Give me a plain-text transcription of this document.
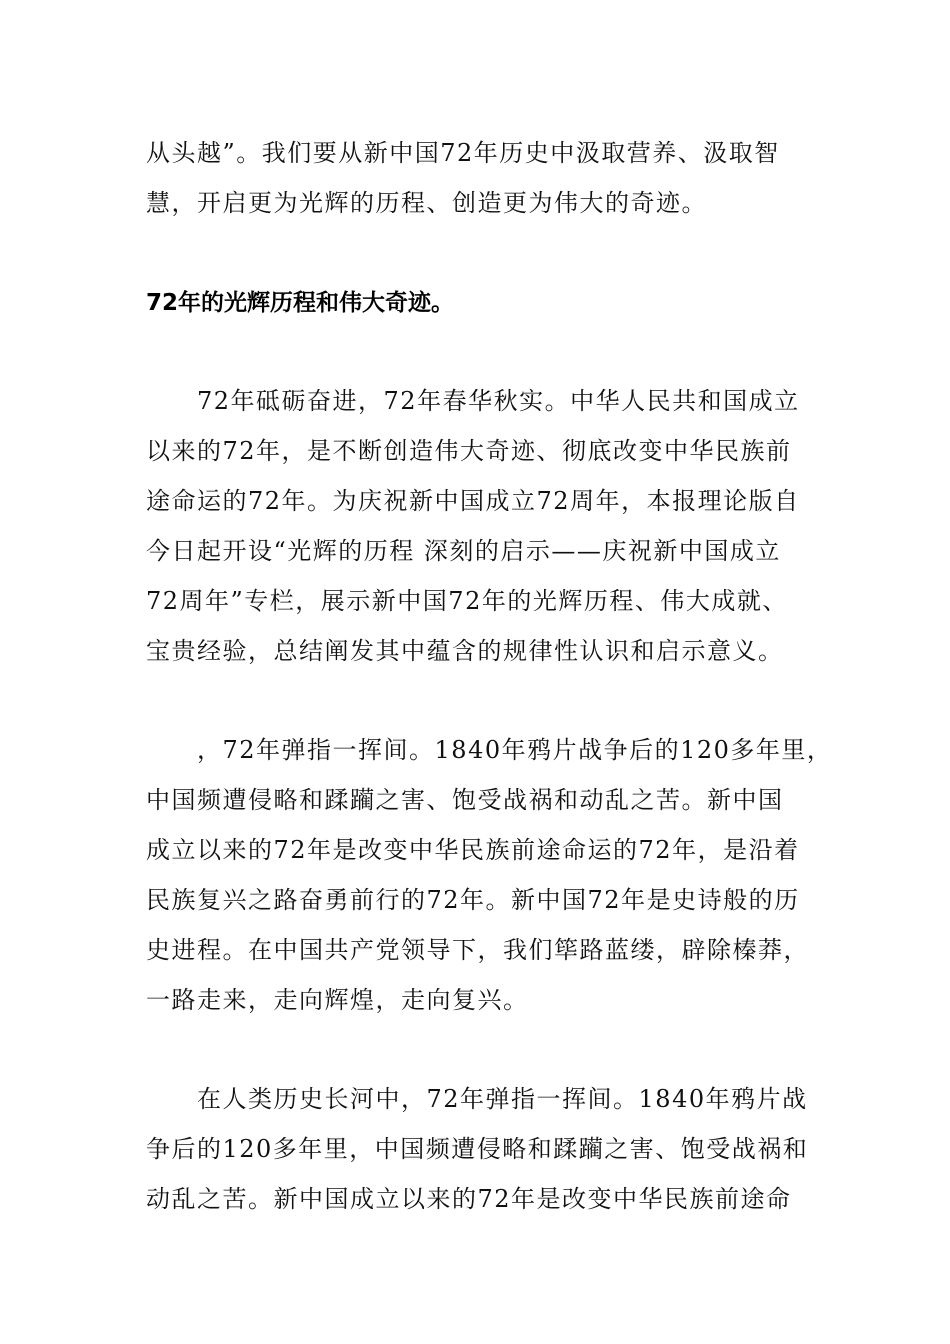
从头越”。我们要从新中国72年历史中汲取营养、汲取智
慧，开启更为光辉的历程、创造更为伟大的奇迹。
72年的光辉历程和伟大奇迹。
　　72年砥砺奋进，72年春华秋实。中华人民共和国成立
以来的72年，是不断创造伟大奇迹、彻底改变中华民族前
途命运的72年。为庆祝新中国成立72周年，本报理论版自
今日起开设“光辉的历程 深刻的启示——庆祝新中国成立
72周年”专栏，展示新中国72年的光辉历程、伟大成就、
宝贵经验，总结阐发其中蕴含的规律性认识和启示意义。
　　，72年弹指一挥间。1840年鸦片战争后的120多年里，
中国频遭侵略和蹂躏之害、饱受战祸和动乱之苦。新中国
成立以来的72年是改变中华民族前途命运的72年，是沿着
民族复兴之路奋勇前行的72年。新中国72年是史诗般的历
史进程。在中国共产党领导下，我们筚路蓝缕，辟除榛莽，
一路走来，走向辉煌，走向复兴。
　　在人类历史长河中，72年弹指一挥间。1840年鸦片战
争后的120多年里，中国频遭侵略和蹂躏之害、饱受战祸和
动乱之苦。新中国成立以来的72年是改变中华民族前途命
